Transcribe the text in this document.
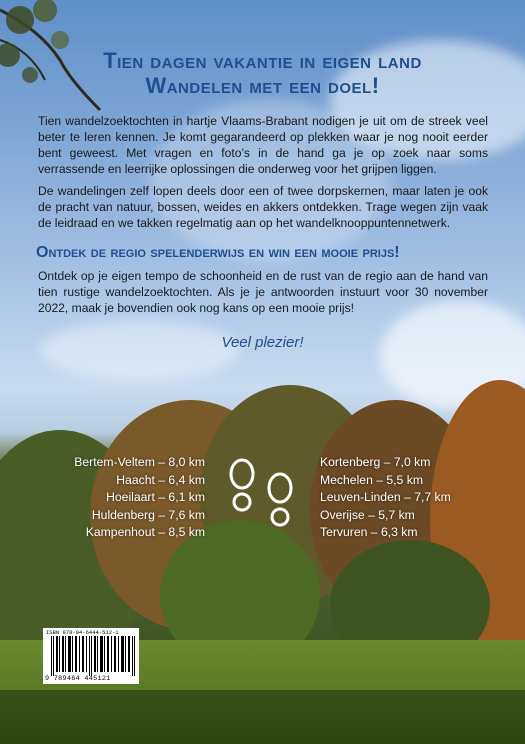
Tien dagen vakantie in eigen land
Wandelen met een doel!

Tien wandelzoektochten in hartje Vlaams-Brabant nodigen je uit om de streek veel beter te leren kennen. Je komt gegarandeerd op plekken waar je nog nooit eerder bent geweest. Met vragen en foto’s in de hand ga je op zoek naar soms verrassende en leerrijke oplossingen die onderweg voor het grijpen liggen.

De wandelingen zelf lopen deels door een of twee dorpskernen, maar laten je ook de pracht van natuur, bossen, weides en akkers ontdekken. Trage wegen zijn vaak de leidraad en we takken regelmatig aan op het wandelknooppuntennetwerk.

Ontdek de regio spelenderwijs en win een mooie prijs!

Ontdek op je eigen tempo de schoonheid en de rust van de regio aan de hand van tien rustige wandelzoektochten. Als je je antwoorden instuurt voor 30 november 2022, maak je bovendien ook nog kans op een mooie prijs!

Veel plezier!

Bertem-Veltem – 8,0 km
Haacht – 6,4 km
Hoeilaart – 6,1 km
Huldenberg – 7,6 km
Kampenhout – 8,5 km
Kortenberg – 7,0 km
Mechelen – 5,5 km
Leuven-Linden – 7,7 km
Overijse – 5,7 km
Tervuren – 6,3 km
ISBN 978-94-6444-512-1
9 789464 445121
